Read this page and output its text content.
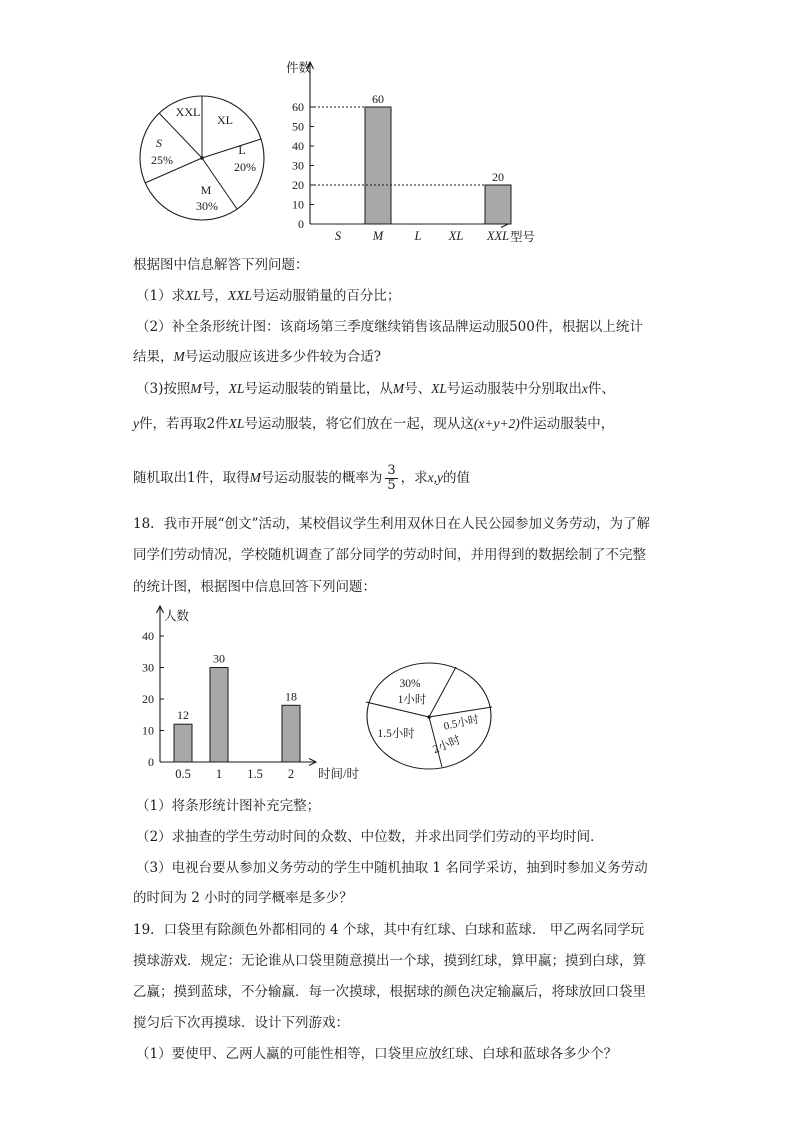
XXL
XL
L
20%
M
30%
S
25%
件数
型号
0
10
20
30
40
50
60
S	M
60
L XL XXL
20
根据图中信息解答下列问题：
（1）求XL号，XXL号运动服销量的百分比；
（2）补全条形统计图：该商场第三季度继续销售该品牌运动服500件，根据以上统计
结果，M号运动服应该进多少件较为合适?
（3)按照M号，XL号运动服装的销量比，从M号、XL号运动服装中分别取出x件、
y件，若再取2件XL号运动服装，将它们放在一起，现从这(x+y+2)件运动服装中，
随机取出1件，取得M号运动服装的概率为 $\frac{3}{5}$ ，求x,y的值
18．我市开展“创文”活动，某校倡议学生利用双休日在人民公园参加义务劳动，为了解
同学们劳动情况，学校随机调查了部分同学的劳动时间，并用得到的数据绘制了不完整
的统计图，根据图中信息回答下列问题：
人数
时间/时
0
10
20
30
40
0.5
12
1
30
1.5 2
18
30%
1小时
0.5小时
2小时
1.5小时
（1）将条形统计图补充完整；
（2）求抽查的学生劳动时间的众数、中位数，并求出同学们劳动的平均时间．
（3）电视台要从参加义务劳动的学生中随机抽取 1 名同学采访，抽到时参加义务劳动
的时间为 2 小时的同学概率是多少？
19．口袋里有除颜色外都相同的 4 个球，其中有红球、白球和蓝球． 甲乙两名同学玩
摸球游戏．规定：无论谁从口袋里随意摸出一个球，摸到红球，算甲赢；摸到白球，算
乙赢；摸到蓝球，不分输赢．每一次摸球，根据球的颜色决定输赢后，将球放回口袋里
搅匀后下次再摸球．设计下列游戏：
（1）要使甲、乙两人赢的可能性相等，口袋里应放红球、白球和蓝球各多少个？
